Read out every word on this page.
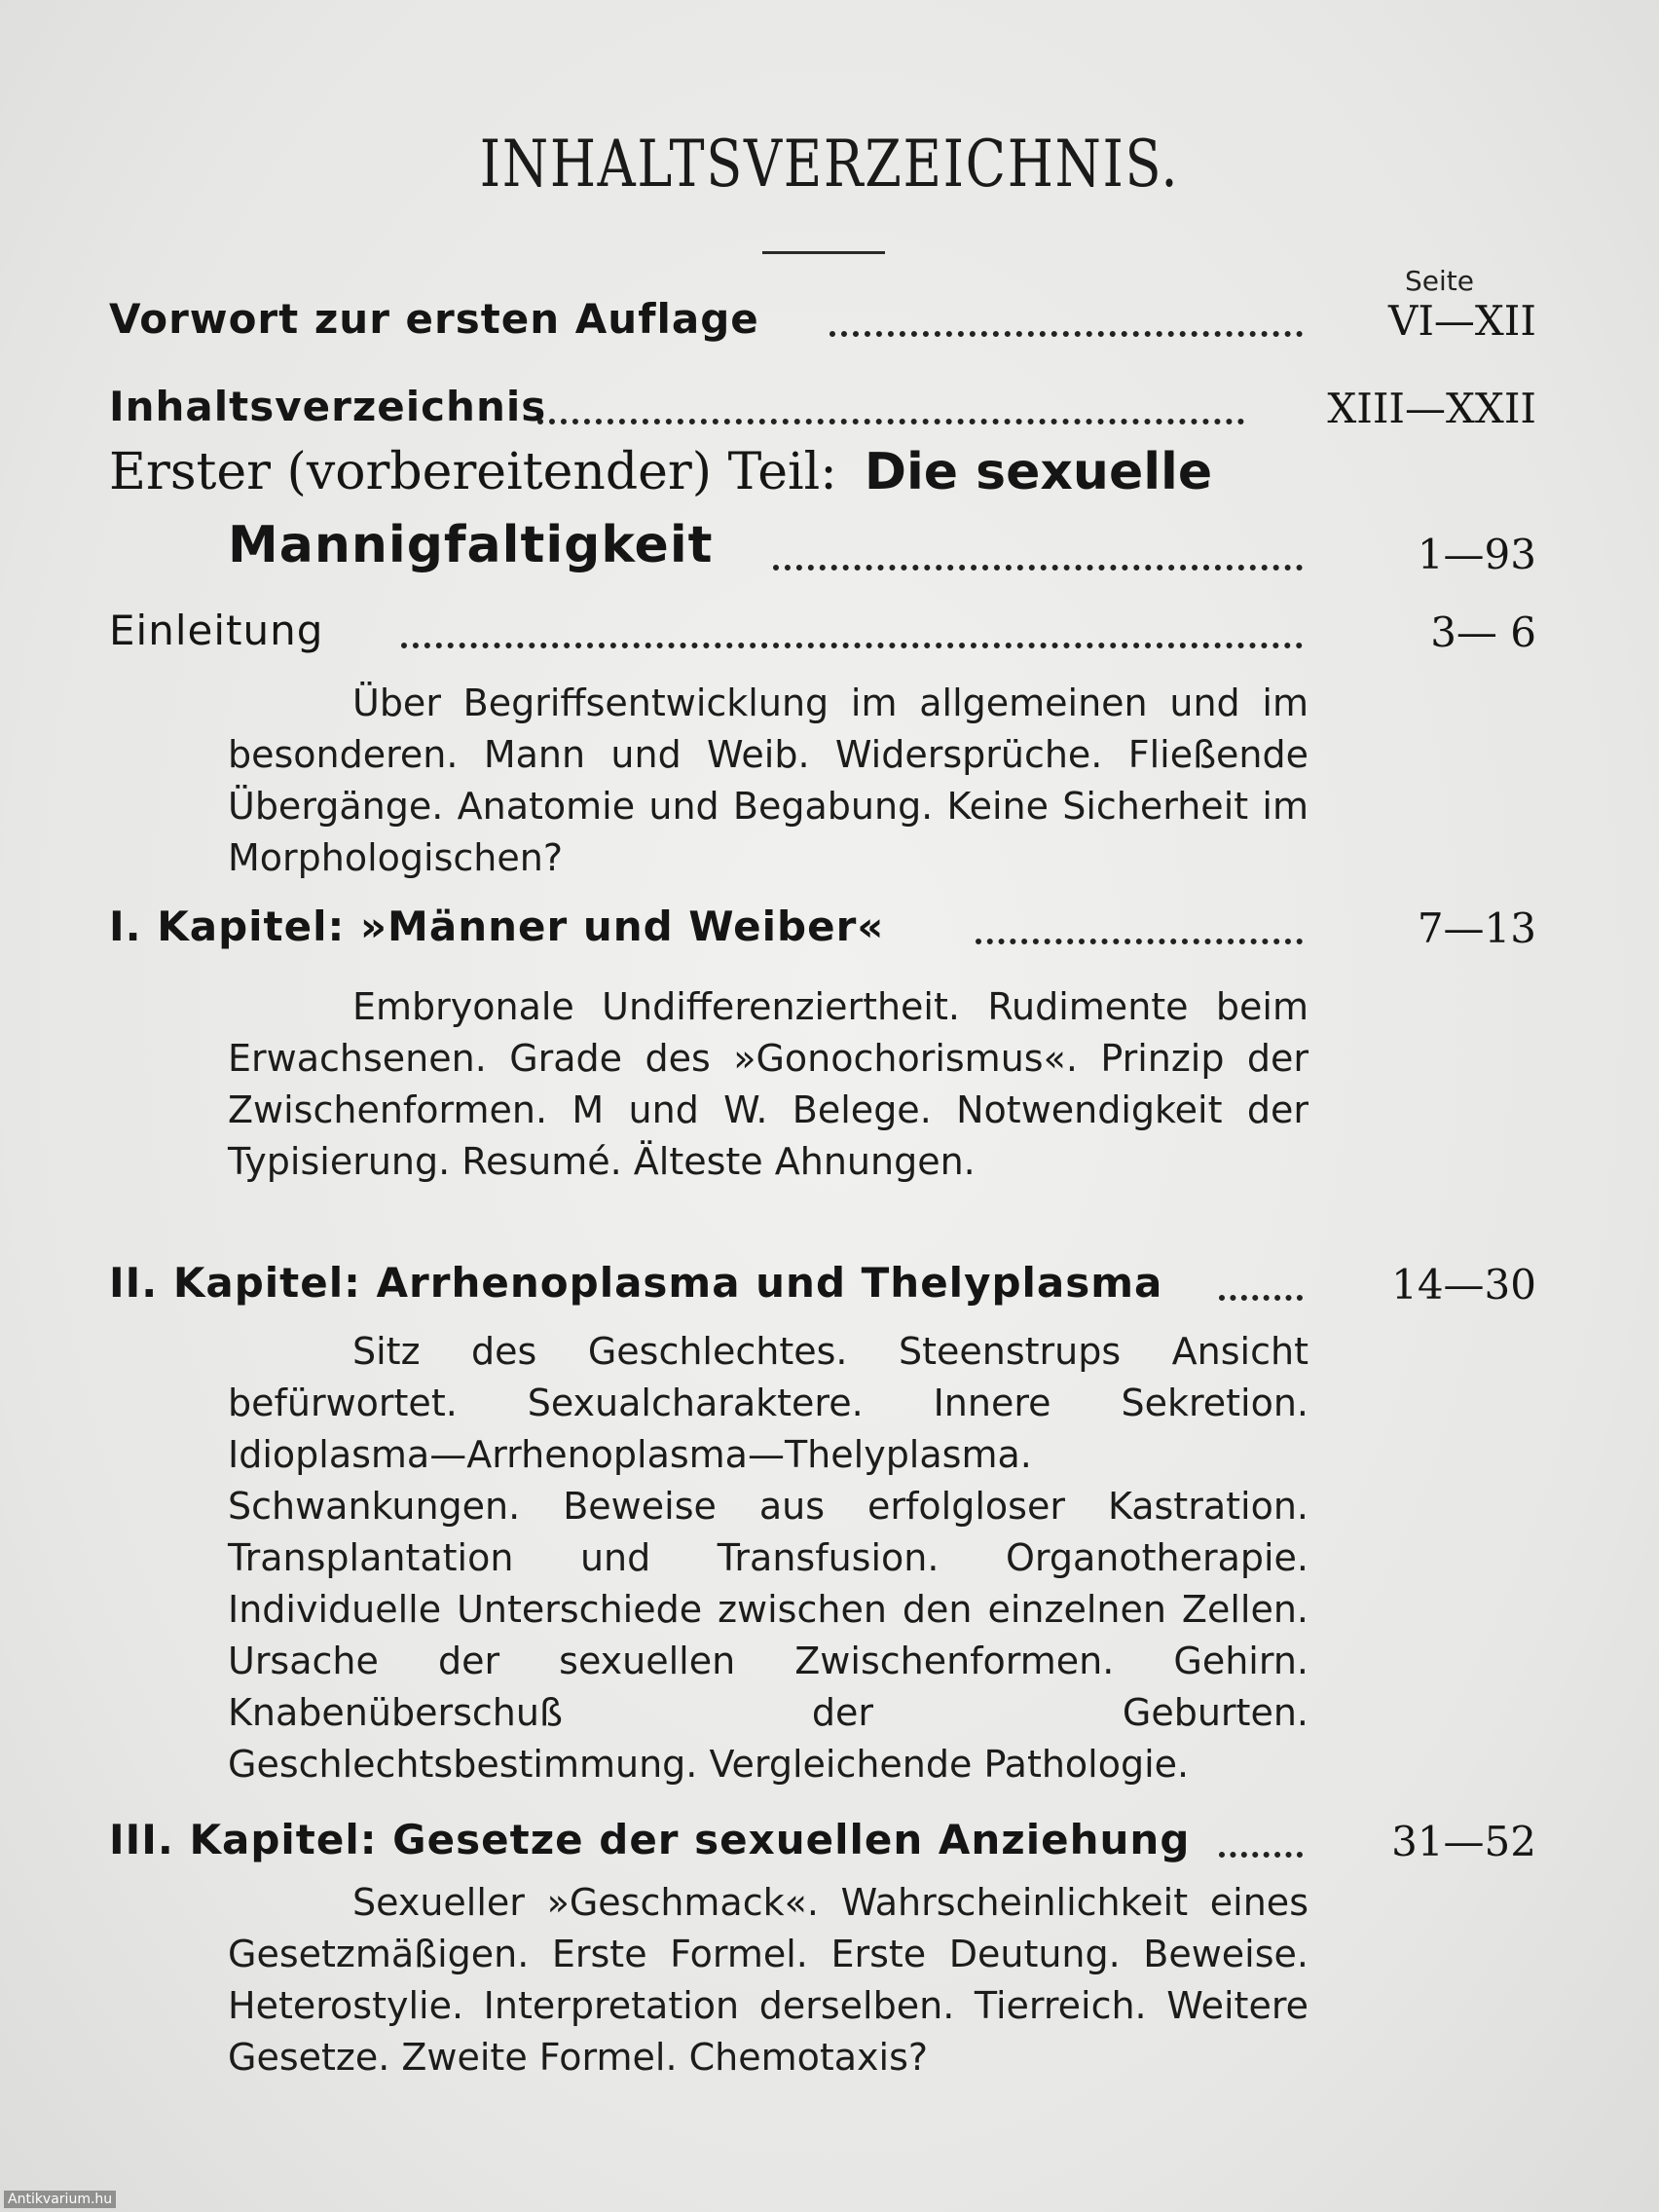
INHALTSVERZEICHNIS.
Seite
Vorwort zur ersten Auflage	VI—XII
Inhaltsverzeichnis	XIII—XXII
Erster (vorbereitender) Teil: Die sexuelle
Mannigfaltigkeit	1—93
Einleitung	3— 6
Über Begriffsentwicklung im allgemeinen und im besonderen. Mann und Weib. Widersprüche. Fließende Übergänge. Anatomie und Begabung. Keine Sicherheit im Morphologischen?
I. Kapitel: »Männer und Weiber«	7—13
Embryonale Undifferenziertheit. Rudimente beim Erwachsenen. Grade des »Gonochorismus«. Prinzip der Zwischenformen. M und W. Belege. Notwendigkeit der Typisierung. Resumé. Älteste Ahnungen.
II. Kapitel: Arrhenoplasma und Thelyplasma	14—30
Sitz des Geschlechtes. Steenstrups Ansicht befürwortet. Sexualcharaktere. Innere Sekretion. Idioplasma—Arrhenoplasma—Thelyplasma. Schwankungen. Beweise aus erfolgloser Kastration. Transplantation und Transfusion. Organotherapie. Individuelle Unterschiede zwischen den einzelnen Zellen. Ursache der sexuellen Zwischenformen. Gehirn. Knabenüberschuß der Geburten. Geschlechtsbestimmung. Vergleichende Pathologie.
III. Kapitel: Gesetze der sexuellen Anziehung	31—52
Sexueller »Geschmack«. Wahrscheinlichkeit eines Gesetzmäßigen. Erste Formel. Erste Deutung. Beweise. Heterostylie. Interpretation derselben. Tierreich. Weitere Gesetze. Zweite Formel. Chemotaxis?
Antikvarium.hu
